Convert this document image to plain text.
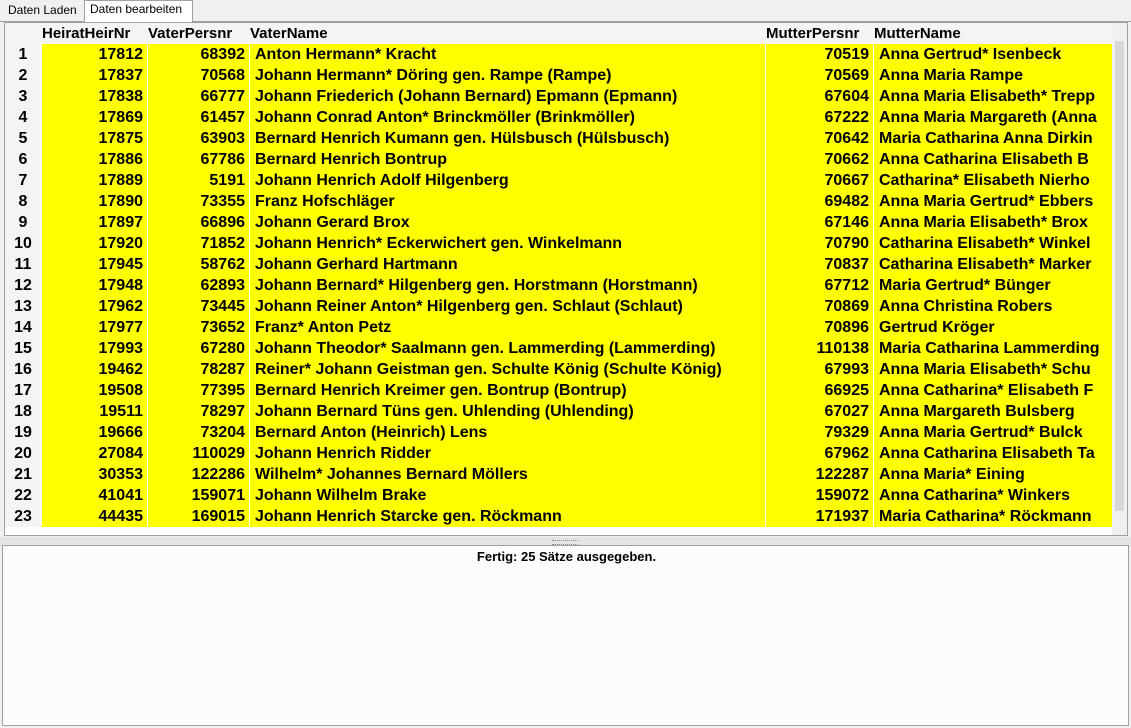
Daten Laden	Daten bearbeiten
HeiratHeirNr	VaterPersnr	VaterName	MutterPersnr MutterName
1	17812	68392 Anton Hermann* Kracht	70519 Anna Gertrud* Isenbeck
2	17837	70568 Johann Hermann* Döring gen. Rampe (Rampe)	70569 Anna Maria Rampe
3	17838	66777 Johann Friederich (Johann Bernard) Epmann (Epmann)	67604 Anna Maria Elisabeth* Trepp
4	17869	61457 Johann Conrad Anton* Brinckmöller (Brinkmöller)	67222 Anna Maria Margareth (Anna
5	17875	63903 Bernard Henrich Kumann gen. Hülsbusch (Hülsbusch)	70642 Maria Catharina Anna Dirkin
6	17886	67786 Bernard Henrich Bontrup	70662 Anna Catharina Elisabeth B
7	17889	5191 Johann Henrich Adolf Hilgenberg	70667 Catharina* Elisabeth Nierho
8	17890	73355 Franz Hofschläger	69482 Anna Maria Gertrud* Ebbers
9	17897	66896 Johann Gerard Brox	67146 Anna Maria Elisabeth* Brox
10	17920	71852 Johann Henrich* Eckerwichert gen. Winkelmann	70790 Catharina Elisabeth* Winkel
11	17945	58762 Johann Gerhard Hartmann	70837 Catharina Elisabeth* Marker
12	17948	62893 Johann Bernard* Hilgenberg gen. Horstmann (Horstmann)	67712 Maria Gertrud* Bünger
13	17962	73445 Johann Reiner Anton* Hilgenberg gen. Schlaut (Schlaut)	70869 Anna Christina Robers
14	17977	73652 Franz* Anton Petz	70896 Gertrud Kröger
15	17993	67280 Johann Theodor* Saalmann gen. Lammerding (Lammerding)	110138 Maria Catharina Lammerding
16	19462	78287 Reiner* Johann Geistman gen. Schulte König (Schulte König)	67993 Anna Maria Elisabeth* Schu
17	19508	77395 Bernard Henrich Kreimer gen. Bontrup (Bontrup)	66925 Anna Catharina* Elisabeth F
18	19511	78297 Johann Bernard Tüns gen. Uhlending (Uhlending)	67027 Anna Margareth Bulsberg
19	19666	73204 Bernard Anton (Heinrich) Lens	79329 Anna Maria Gertrud* Bulck
20	27084	110029 Johann Henrich Ridder	67962 Anna Catharina Elisabeth Ta
21	30353	122286 Wilhelm* Johannes Bernard Möllers	122287 Anna Maria* Eining
22	41041	159071 Johann Wilhelm Brake	159072 Anna Catharina* Winkers
23	44435	169015 Johann Henrich Starcke gen. Röckmann	171937 Maria Catharina* Röckmann
Fertig: 25 Sätze ausgegeben.
